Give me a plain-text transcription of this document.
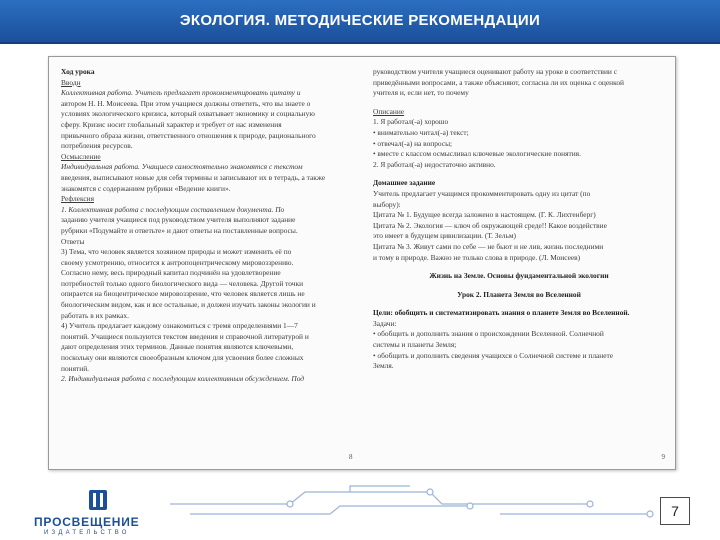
ЭКОЛОГИЯ. МЕТОДИЧЕСКИЕ РЕКОМЕНДАЦИИ
Ход урока
Вводн
Коллективная работа. Учитель предлагает прокомментировать цитату и
автором Н. Н. Моисеева. При этом учащиеся должны ответить, что вы знаете о
условиях экологического кризиса, который охватывает экономику и социальную
сферу. Кризис носит глобальный характер и требует от нас изменения
привычного образа жизни, ответственного отношения к природе, рационального
потребления ресурсов.
Осмысление
Индивидуальная работа. Учащиеся самостоятельно знакомятся с текстом
введения, выписывают новые для себя термины и записывают их в тетрадь, а также
знакомятся с содержанием рубрики «Ведение книги».
Рефлексия
1. Коллективная работа с последующим составлением документа. По
заданию учителя учащиеся под руководством учителя выполняют задание
рубрики «Подумайте и ответьте» и дают ответы на поставленные вопросы.
Ответы
3) Тема, что человек является хозяином природы и может изменить её по
своему усмотрению, относится к антропоцентрическому мировоззрению.
Согласно нему, весь природный капитал подчинён на удовлетворение
потребностей только одного биологического вида — человека. Другой точки
опирается на биоцентрическое мировоззрение, что человек является лишь не
биологическим видом, как и все остальные, и должен изучать законы экологии и
работать в их рамках.
4) Учитель предлагает каждому ознакомиться с тремя определениями 1—7
понятий. Учащиеся пользуются текстом введения и справочной литературой и
дают определения этих терминов. Данные понятия являются ключевыми,
поскольку они являются своеобразным ключом для усвоения более сложных
понятий.
2. Индивидуальная работа с последующим коллективным обсуждением. Под
руководством учителя учащиеся оценивают работу на уроке в соответствии с
приведёнными вопросами, а также объясняют, согласна ли их оценка с оценкой
учителя и, если нет, то почему
Описание
1. Я работал(-а) хорошо
• внимательно читал(-а) текст;
• отвечал(-а) на вопросы;
• вместе с классом осмысливал ключевые экологические понятия.
2. Я работал(-а) недостаточно активно.
Домашнее задание
Учитель предлагает учащимся прокомментировать одну из цитат (по
выбору):
Цитата № 1. Будущее всегда заложено в настоящем. (Г. К. Лихтенберг)
Цитата № 2. Экология — ключ об окружающей среде!! Какое воздействие
это имеет в будущем цивилизации. (Т. Зельм)
Цитата № 3. Живут сами по себе — не бьют и не лив, жизнь последними
и тому в природе. Важно не только слова в природе. (Л. Моисеев)
Жизнь на Земле. Основы фундаментальной экологии
Урок 2. Планета Земля во Вселенной
Цели: обобщить и систематизировать знания о планете Земля во Вселенной.
Задачи:
• обобщить и дополнить знания о происхождении Вселенной. Солнечной
системы и планеты Земля;
• обобщить и дополнить сведения учащихся о Солнечной системе и планете
Земля.
8	9
ПРОСВЕЩЕНИЕ
ИЗДАТЕЛЬСТВО
7
